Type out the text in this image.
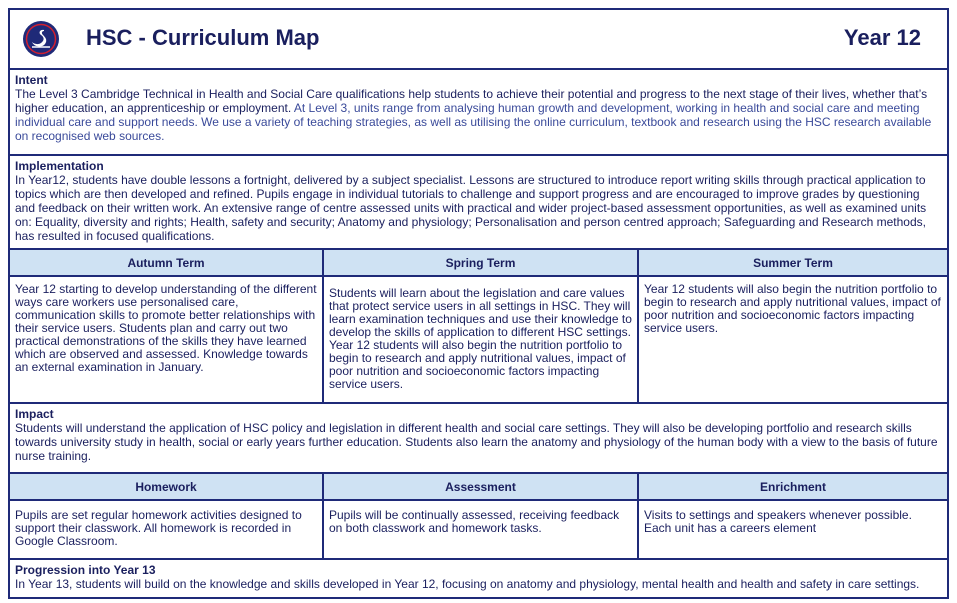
HSC - Curriculum Map	Year 12
Intent

The Level 3 Cambridge Technical in Health and Social Care qualifications help students to achieve their potential and progress to the next stage of their lives, whether that’s higher education, an apprenticeship or employment. At Level 3, units range from analysing human growth and development, working in health and social care and meeting individual care and support needs. We use a variety of teaching strategies, as well as utilising the online curriculum, textbook and research using the HSC research available on recognised web sources.

Implementation

In Year12, students have double lessons a fortnight, delivered by a subject specialist. Lessons are structured to introduce report writing skills through practical application to topics which are then developed and refined. Pupils engage in individual tutorials to challenge and support progress and are encouraged to improve grades by questioning and feedback on their written work. An extensive range of centre assessed units with practical and wider project-based assessment opportunities, as well as examined units on: Equality, diversity and rights; Health, safety and security; Anatomy and physiology; Personalisation and person centred approach; Safeguarding and Research methods, has resulted in focused qualifications.

Autumn Term
Year 12 starting to develop understanding of the different ways care workers use personalised care, communication skills to promote better relationships with their service users. Students plan and carry out two practical demonstrations of the skills they have learned which are observed and assessed. Knowledge towards an external examination in January.
Spring Term
Students will learn about the legislation and care values that protect service users in all settings in HSC. They will learn examination techniques and use their knowledge to develop the skills of application to different HSC settings. Year 12 students will also begin the nutrition portfolio to begin to research and apply nutritional values, impact of poor nutrition and socioeconomic factors impacting service users.
Summer Term
Year 12 students will also begin the nutrition portfolio to begin to research and apply nutritional values, impact of poor nutrition and socioeconomic factors impacting service users.
Impact

Students will understand the application of HSC policy and legislation in different health and social care settings. They will also be developing portfolio and research skills towards university study in health, social or early years further education. Students also learn the anatomy and physiology of the human body with a view to the basis of future nurse training.

Homework
Pupils are set regular homework activities designed to support their classwork. All homework is recorded in Google Classroom.
Assessment
Pupils will be continually assessed, receiving feedback on both classwork and homework tasks.
Enrichment
Visits to settings and speakers whenever possible. Each unit has a careers element
Progression into Year 13

In Year 13, students will build on the knowledge and skills developed in Year 12, focusing on anatomy and physiology, mental health and health and safety in care settings.
